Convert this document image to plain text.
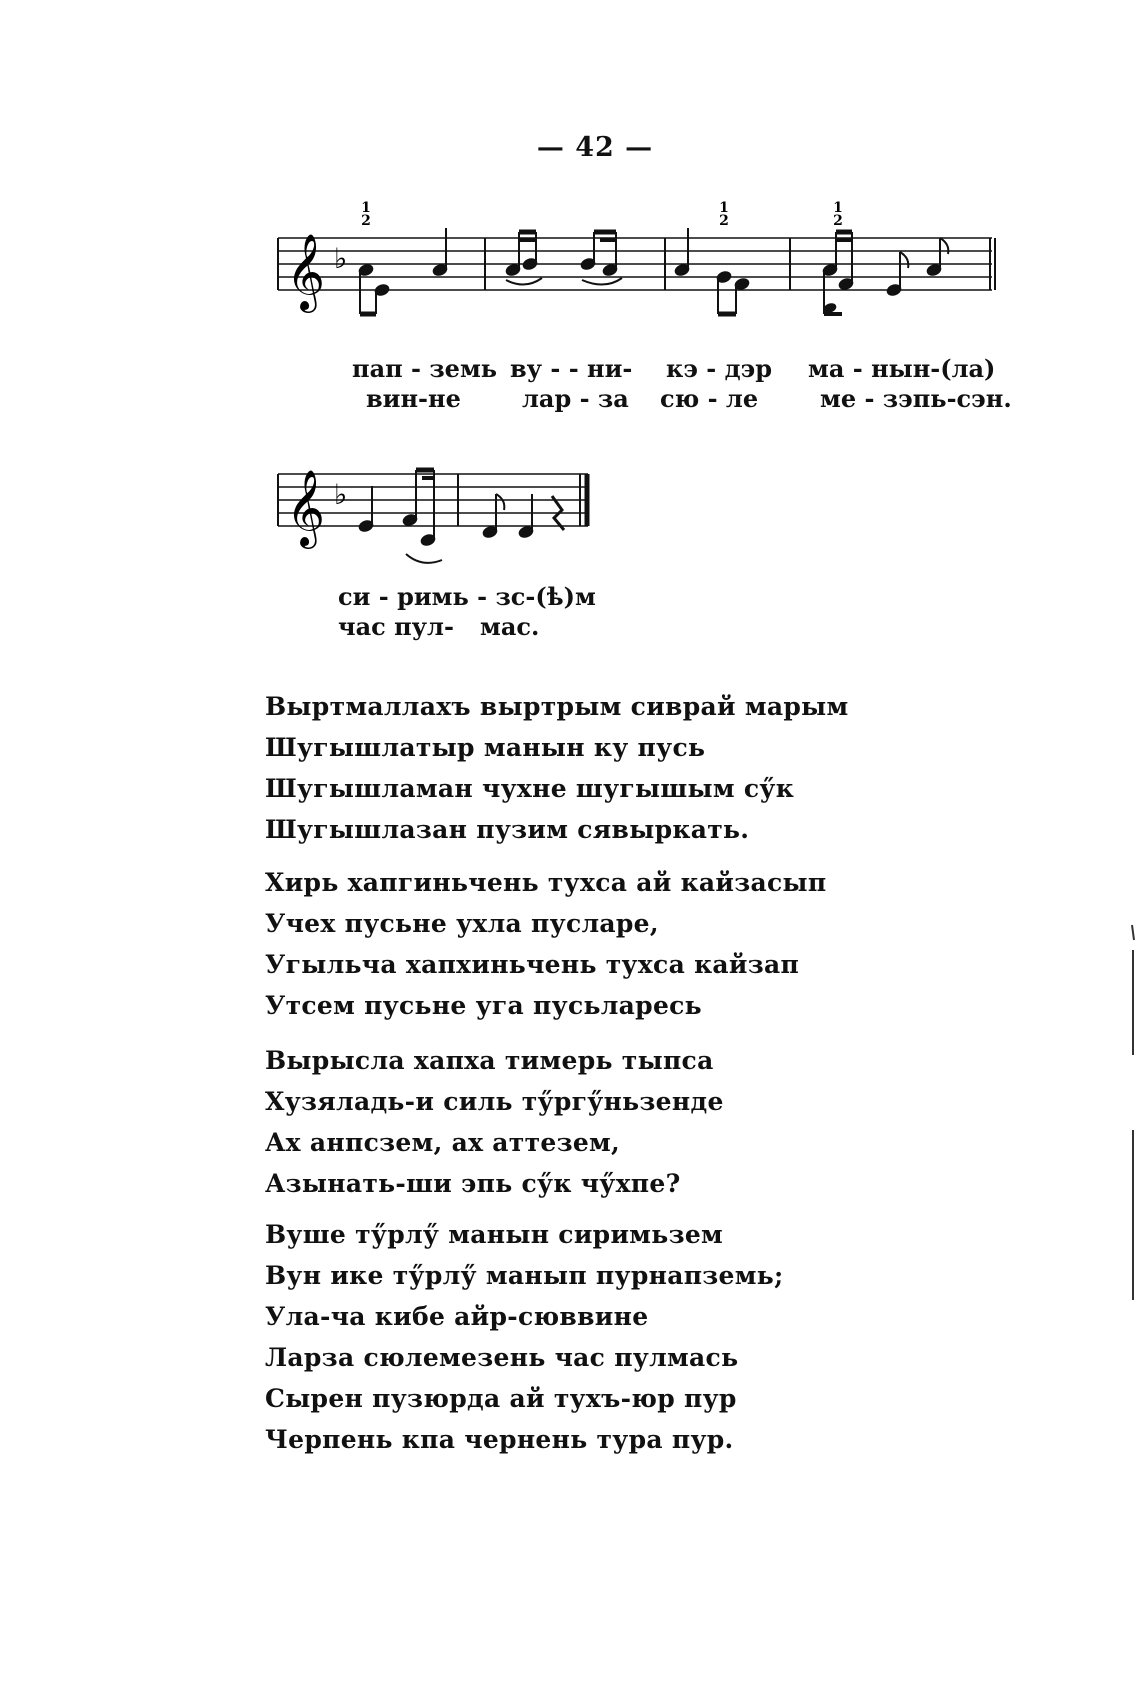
— 42 —
1
2
1
2
1
2
𝄞 ♭
пап - земь ву - - ни- кэ - дэр ма - нын-(ла)
вин-не	лар - за сю - ле	ме - зэпь-сэн.
𝄞 ♭
си - римь - зс-(ѣ)м
час пул- мас.
Выртмаллахъ выртрым сиврай марым
Шугышлатыр манын ку пусь
Шугышламан чухне шугышым сӳк
Шугышлазан пузим сявыркать.
Хирь хапгиньчень тухса ай кайзасып
Учех пусьне ухла пусларе,
Угыльча хапхиньчень тухса кайзап
Утсем пусьне уга пусьларесь
Вырысла хапха тимерь тыпса
Хузяладь-и силь тӳргӳньзенде
Ах анпсзем, ах аттезем,
Азынать-ши эпь сӳк чӳхпе?
Вуше тӳрлӳ манын сиримьзем
Вун ике тӳрлӳ манып пурнапземь;
Ула-ча кибе айр-сюввине
Ларза сюлемезень час пулмась
Сырен пузюрда ай тухъ-юр пур
Черпень кпа чернень тура пур.
